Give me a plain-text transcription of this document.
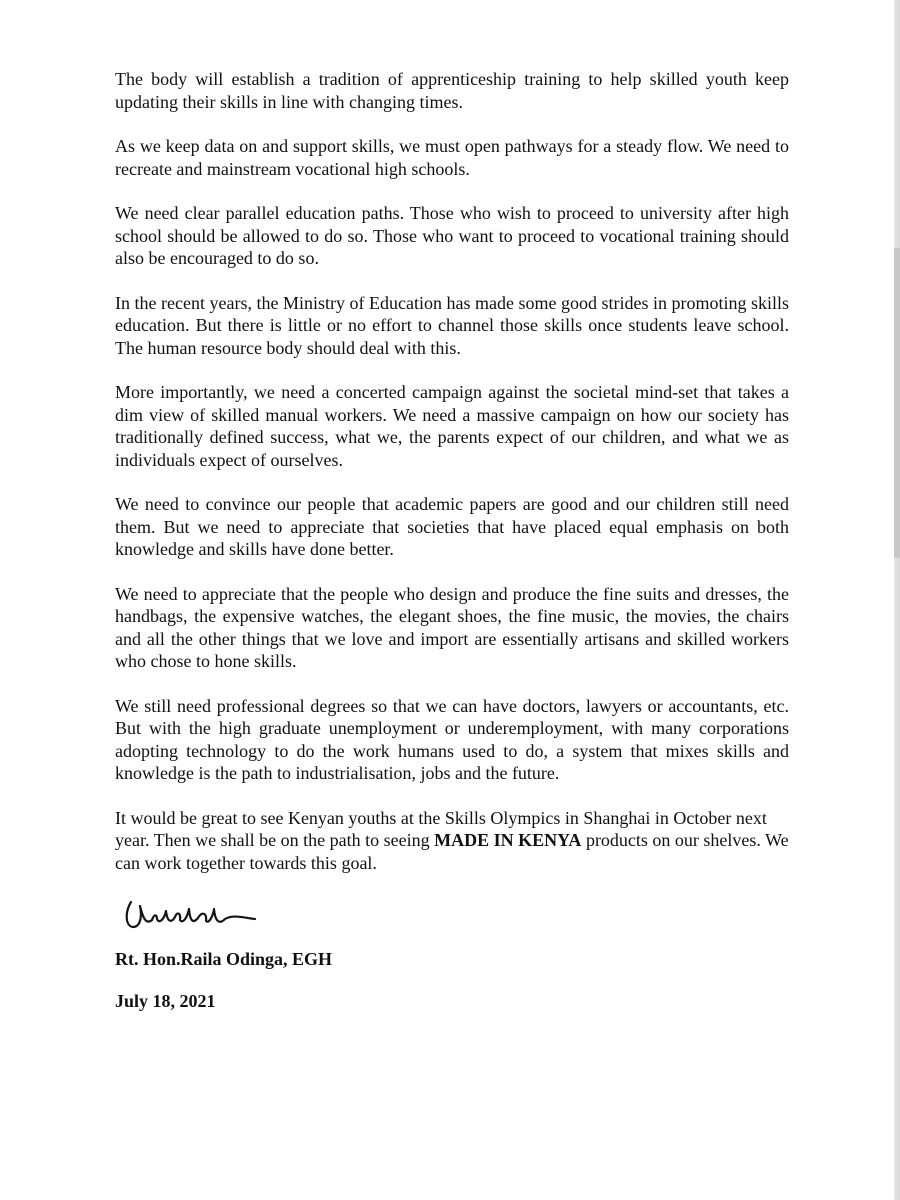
The body will establish a tradition of apprenticeship training to help skilled youth keep updating their skills in line with changing times.

As we keep data on and support skills, we must open pathways for a steady flow. We need to recreate and mainstream vocational high schools.

We need clear parallel education paths. Those who wish to proceed to university after high school should be allowed to do so. Those who want to proceed to vocational training should also be encouraged to do so.

In the recent years, the Ministry of Education has made some good strides in promoting skills education. But there is little or no effort to channel those skills once students leave school. The human resource body should deal with this.

More importantly, we need a concerted campaign against the societal mind-set that takes a dim view of skilled manual workers. We need a massive campaign on how our society has traditionally defined success, what we, the parents expect of our children, and what we as individuals expect of ourselves.

We need to convince our people that academic papers are good and our children still need them. But we need to appreciate that societies that have placed equal emphasis on both knowledge and skills have done better.

We need to appreciate that the people who design and produce the fine suits and dresses, the handbags, the expensive watches, the elegant shoes, the fine music, the movies, the chairs and all the other things that we love and import are essentially artisans and skilled workers who chose to hone skills.

We still need professional degrees so that we can have doctors, lawyers or accountants, etc. But with the high graduate unemployment or underemployment, with many corporations adopting technology to do the work humans used to do, a system that mixes skills and knowledge is the path to industrialisation, jobs and the future.

It would be great to see Kenyan youths at the Skills Olympics in Shanghai in October next year. Then we shall be on the path to seeing MADE IN KENYA products on our shelves. We can work together towards this goal.

Rt. Hon.Raila Odinga, EGH

July 18, 2021
